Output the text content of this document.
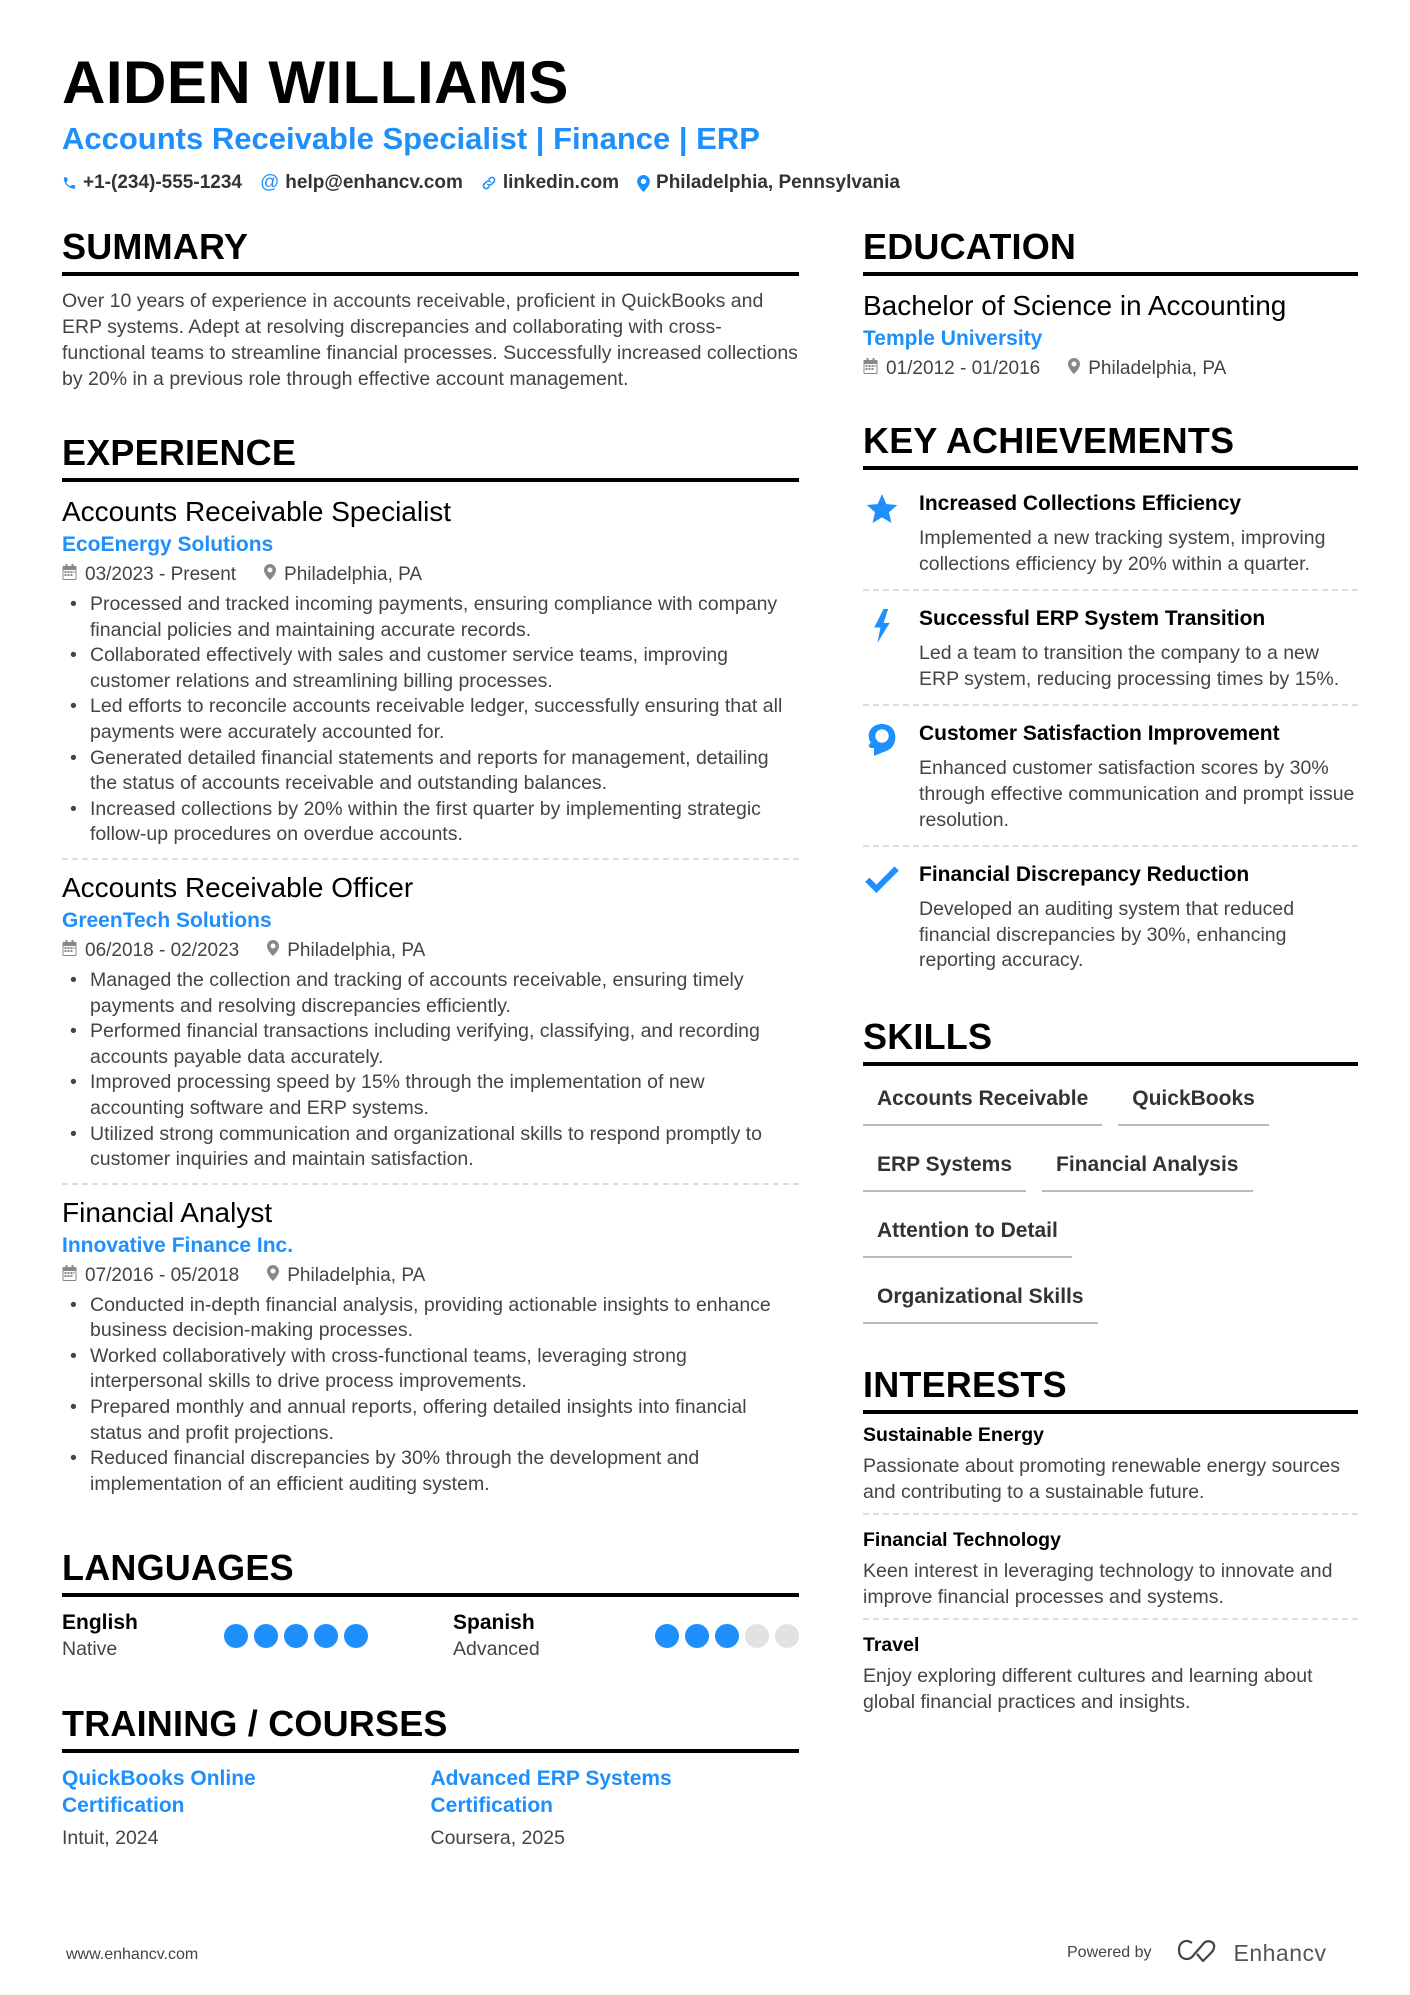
AIDEN WILLIAMS
Accounts Receivable Specialist | Finance | ERP
+1-(234)-555-1234 @ help@enhancv.com linkedin.com Philadelphia, Pennsylvania
SUMMARY

Over 10 years of experience in accounts receivable, proficient in QuickBooks and ERP systems. Adept at resolving discrepancies and collaborating with cross-functional teams to streamline financial processes. Successfully increased collections by 20% in a previous role through effective account management.

EXPERIENCE
Accounts Receivable Specialist
EcoEnergy Solutions
03/2023 - Present	Philadelphia, PA
• Processed and tracked incoming payments, ensuring compliance with company financial policies and maintaining accurate records.
• Collaborated effectively with sales and customer service teams, improving customer relations and streamlining billing processes.
• Led efforts to reconcile accounts receivable ledger, successfully ensuring that all payments were accurately accounted for.
• Generated detailed financial statements and reports for management, detailing the status of accounts receivable and outstanding balances.
• Increased collections by 20% within the first quarter by implementing strategic follow-up procedures on overdue accounts.
Accounts Receivable Officer
GreenTech Solutions
06/2018 - 02/2023	Philadelphia, PA
• Managed the collection and tracking of accounts receivable, ensuring timely payments and resolving discrepancies efficiently.
• Performed financial transactions including verifying, classifying, and recording accounts payable data accurately.
• Improved processing speed by 15% through the implementation of new accounting software and ERP systems.
• Utilized strong communication and organizational skills to respond promptly to customer inquiries and maintain satisfaction.
Financial Analyst
Innovative Finance Inc.
07/2016 - 05/2018	Philadelphia, PA
• Conducted in-depth financial analysis, providing actionable insights to enhance business decision-making processes.
• Worked collaboratively with cross-functional teams, leveraging strong interpersonal skills to drive process improvements.
• Prepared monthly and annual reports, offering detailed insights into financial status and profit projections.
• Reduced financial discrepancies by 30% through the development and implementation of an efficient auditing system.
LANGUAGES
English
Native
Spanish
Advanced
TRAINING / COURSES
QuickBooks Online Certification
Intuit, 2024
Advanced ERP Systems Certification
Coursera, 2025
EDUCATION
Bachelor of Science in Accounting
Temple University
01/2012 - 01/2016	Philadelphia, PA
KEY ACHIEVEMENTS
Increased Collections Efficiency
Implemented a new tracking system, improving collections efficiency by 20% within a quarter.
Successful ERP System Transition
Led a team to transition the company to a new ERP system, reducing processing times by 15%.
Customer Satisfaction Improvement
Enhanced customer satisfaction scores by 30% through effective communication and prompt issue resolution.
Financial Discrepancy Reduction
Developed an auditing system that reduced financial discrepancies by 30%, enhancing reporting accuracy.
SKILLS
Accounts Receivable	QuickBooks
ERP Systems	Financial Analysis
Attention to Detail
Organizational Skills
INTERESTS
Sustainable Energy
Passionate about promoting renewable energy sources and contributing to a sustainable future.
Financial Technology
Keen interest in leveraging technology to innovate and improve financial processes and systems.
Travel
Enjoy exploring different cultures and learning about global financial practices and insights.
www.enhancv.com	Powered by	Enhancv
